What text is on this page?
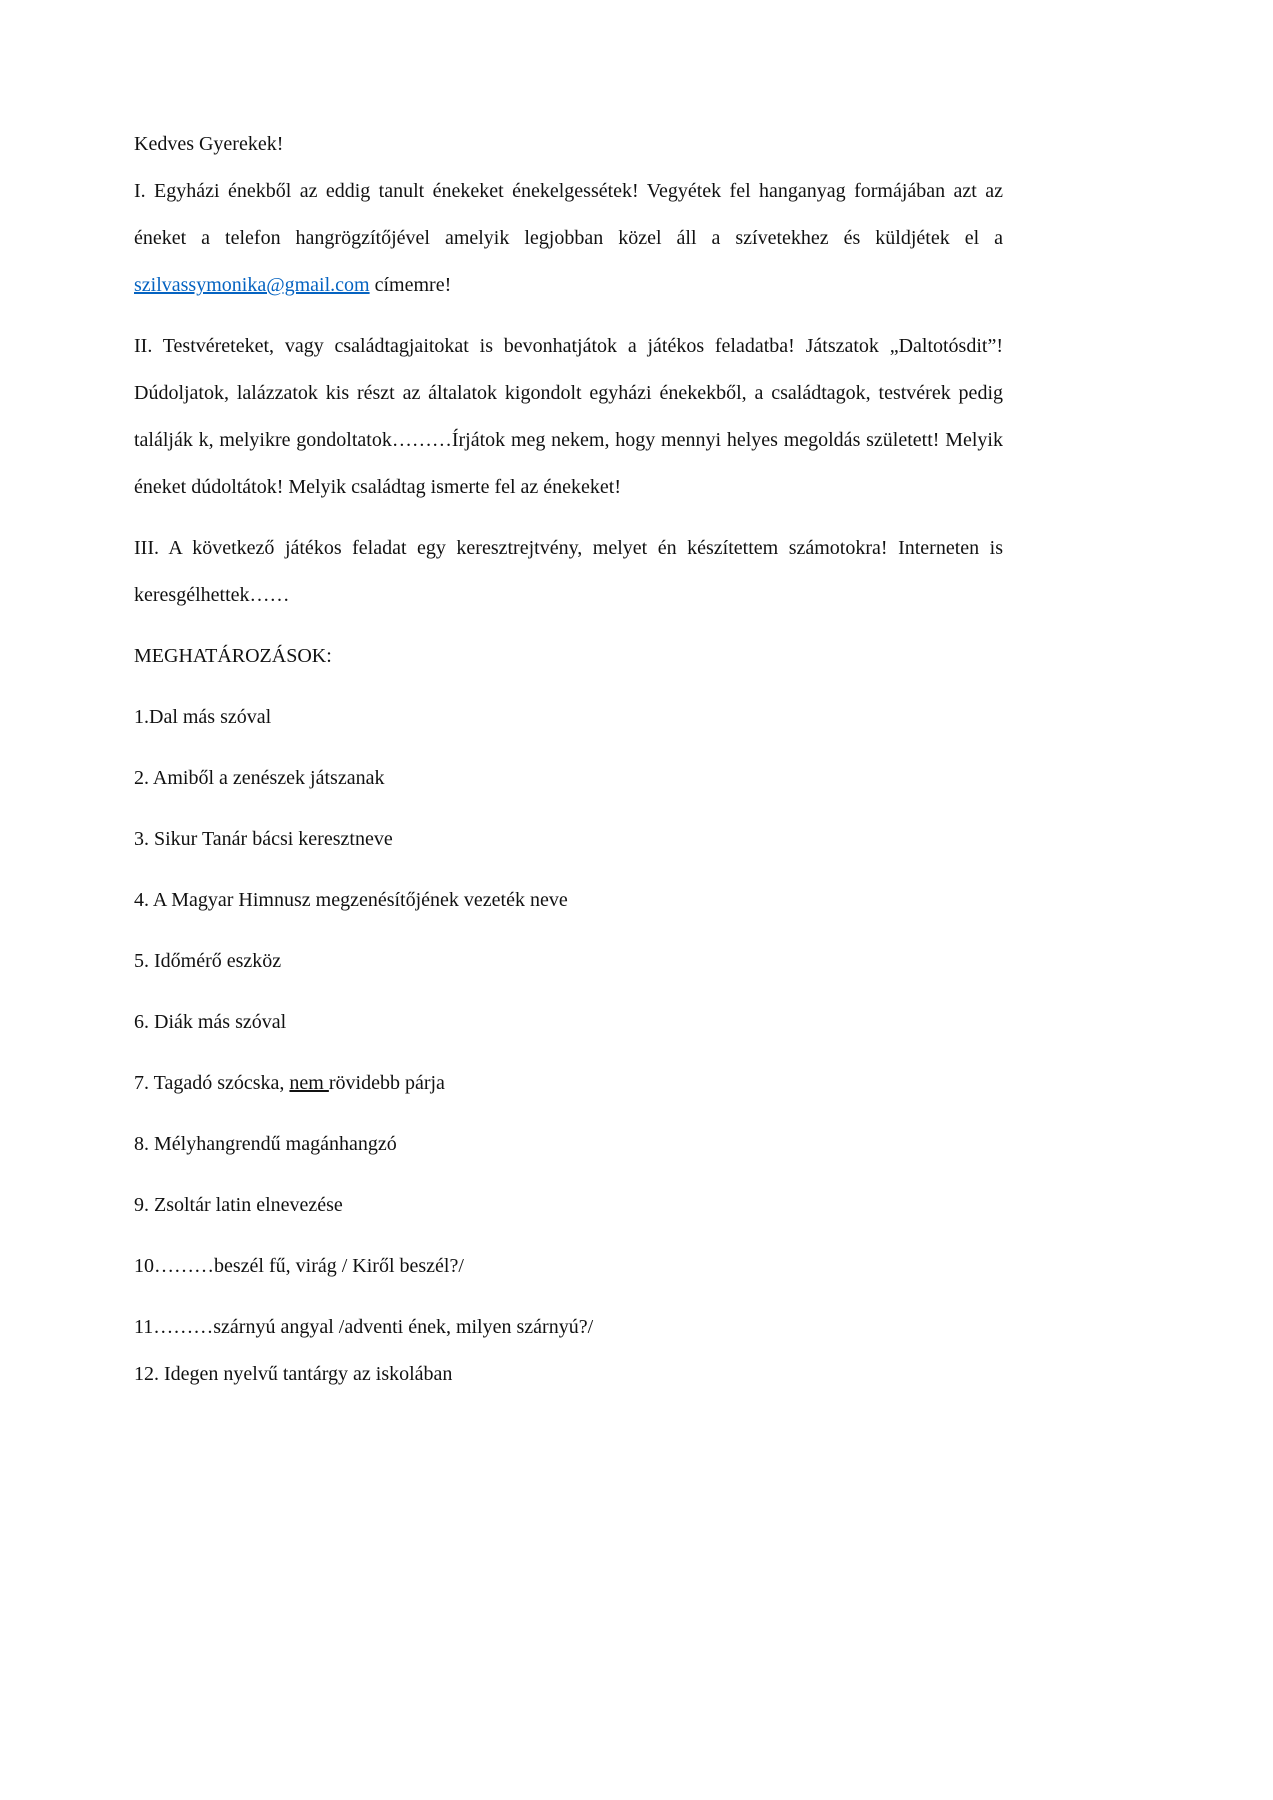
Kedves Gyerekek!

I. Egyházi énekből az eddig tanult énekeket énekelgessétek! Vegyétek fel hanganyag formájában azt az éneket a telefon hangrögzítőjével amelyik legjobban közel áll a szívetekhez és küldjétek el a szilvassymonika@gmail.com címemre!

II. Testvéreteket, vagy családtagjaitokat is bevonhatjátok a játékos feladatba! Játszatok „Daltotósdit”! Dúdoljatok, lalázzatok kis részt az általatok kigondolt egyházi énekekből, a családtagok, testvérek pedig találják k, melyikre gondoltatok………Írjátok meg nekem, hogy mennyi helyes megoldás született! Melyik éneket dúdoltátok! Melyik családtag ismerte fel az énekeket!

III. A következő játékos feladat egy keresztrejtvény, melyet én készítettem számotokra! Interneten is keresgélhettek……

MEGHATÁROZÁSOK:

1.Dal más szóval

2. Amiből a zenészek játszanak

3. Sikur Tanár bácsi keresztneve

4. A Magyar Himnusz megzenésítőjének vezeték neve

5. Időmérő eszköz

6. Diák más szóval

7. Tagadó szócska, nem rövidebb párja

8. Mélyhangrendű magánhangzó

9. Zsoltár latin elnevezése

10………beszél fű, virág / Kiről beszél?/

11………szárnyú angyal /adventi ének, milyen szárnyú?/

12. Idegen nyelvű tantárgy az iskolában
